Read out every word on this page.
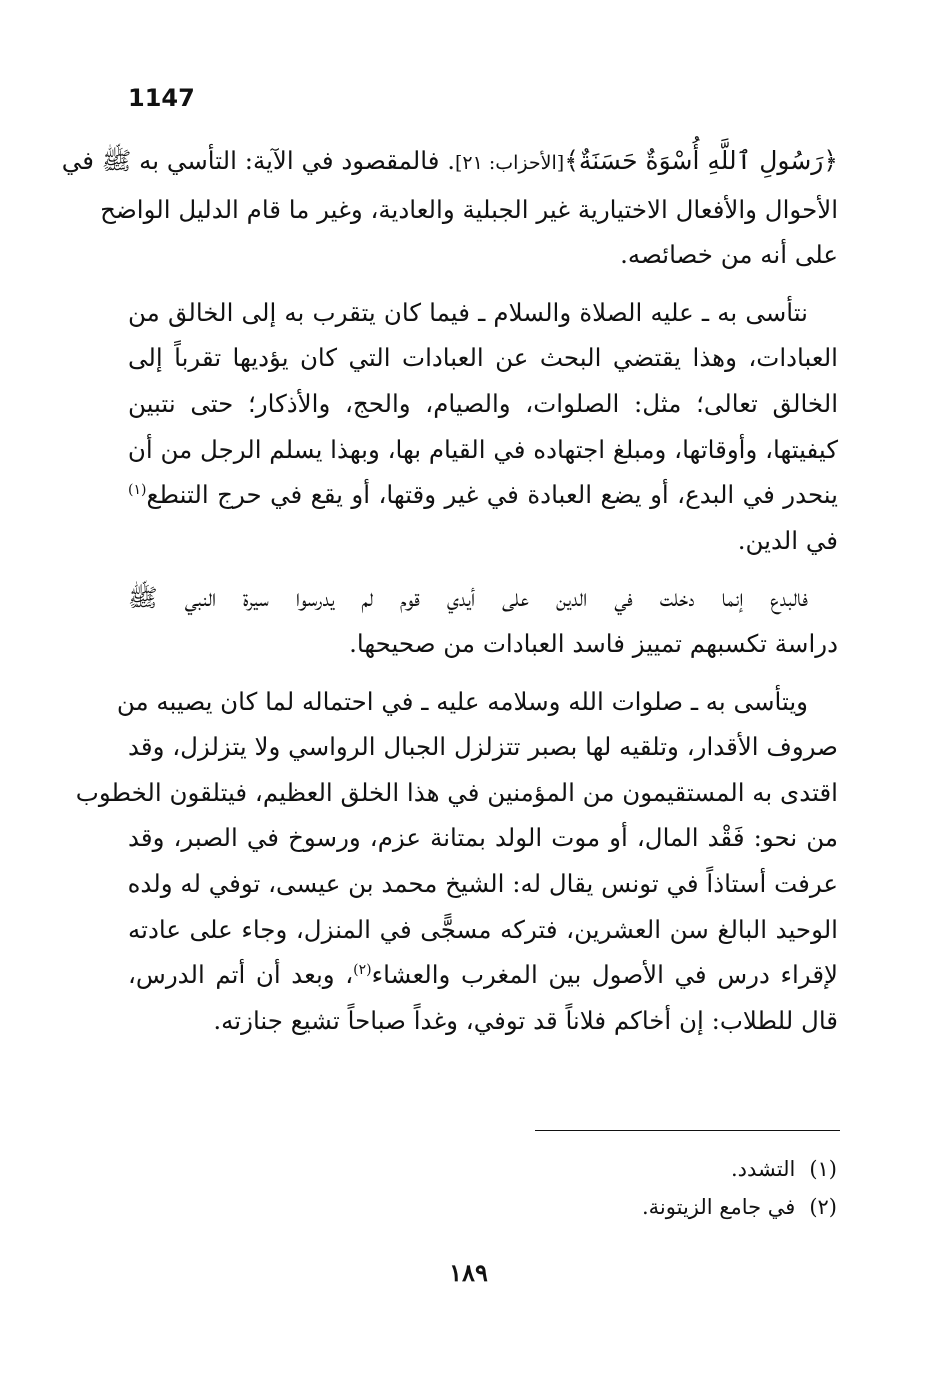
1147

﴿رَسُولِ ٱللَّهِ أُسْوَةٌ حَسَنَةٌ﴾[الأحزاب: ٢١]. فالمقصود في الآية: التأسي به ﷺ في
الأحوال والأفعال الاختيارية غير الجبلية والعادية، وغير ما قام الدليل الواضح
على أنه من خصائصه.

نتأسى به ـ عليه الصلاة والسلام ـ فيما كان يتقرب به إلى الخالق من
العبادات، وهذا يقتضي البحث عن العبادات التي كان يؤديها تقرباً إلى
الخالق تعالى؛ مثل: الصلوات، والصيام، والحج، والأذكار؛ حتى نتبين
كيفيتها، وأوقاتها، ومبلغ اجتهاده في القيام بها، وبهذا يسلم الرجل من أن
ينحدر في البدع، أو يضع العبادة في غير وقتها، أو يقع في حرج التنطع$^{(١)}$
في الدين.

فالبدع إنما دخلت في الدين على أيدي قوم لم يدرسوا سيرة النبي ﷺ
دراسة تكسبهم تمييز فاسد العبادات من صحيحها.

ويتأسى به ـ صلوات الله وسلامه عليه ـ في احتماله لما كان يصيبه من
صروف الأقدار، وتلقيه لها بصبر تتزلزل الجبال الرواسي ولا يتزلزل، وقد
اقتدى به المستقيمون من المؤمنين في هذا الخلق العظيم، فيتلقون الخطوب
من نحو: فَقْد المال، أو موت الولد بمتانة عزم، ورسوخ في الصبر، وقد
عرفت أستاذاً في تونس يقال له: الشيخ محمد بن عيسى، توفي له ولده
الوحيد البالغ سن العشرين، فتركه مسجًّى في المنزل، وجاء على عادته
لإقراء درس في الأصول بين المغرب والعشاء$^{(٢)}$، وبعد أن أتم الدرس،
قال للطلاب: إن أخاكم فلاناً قد توفي، وغداً صباحاً تشيع جنازته.

(١)التشدد.
(٢)في جامع الزيتونة.
١٨٩
